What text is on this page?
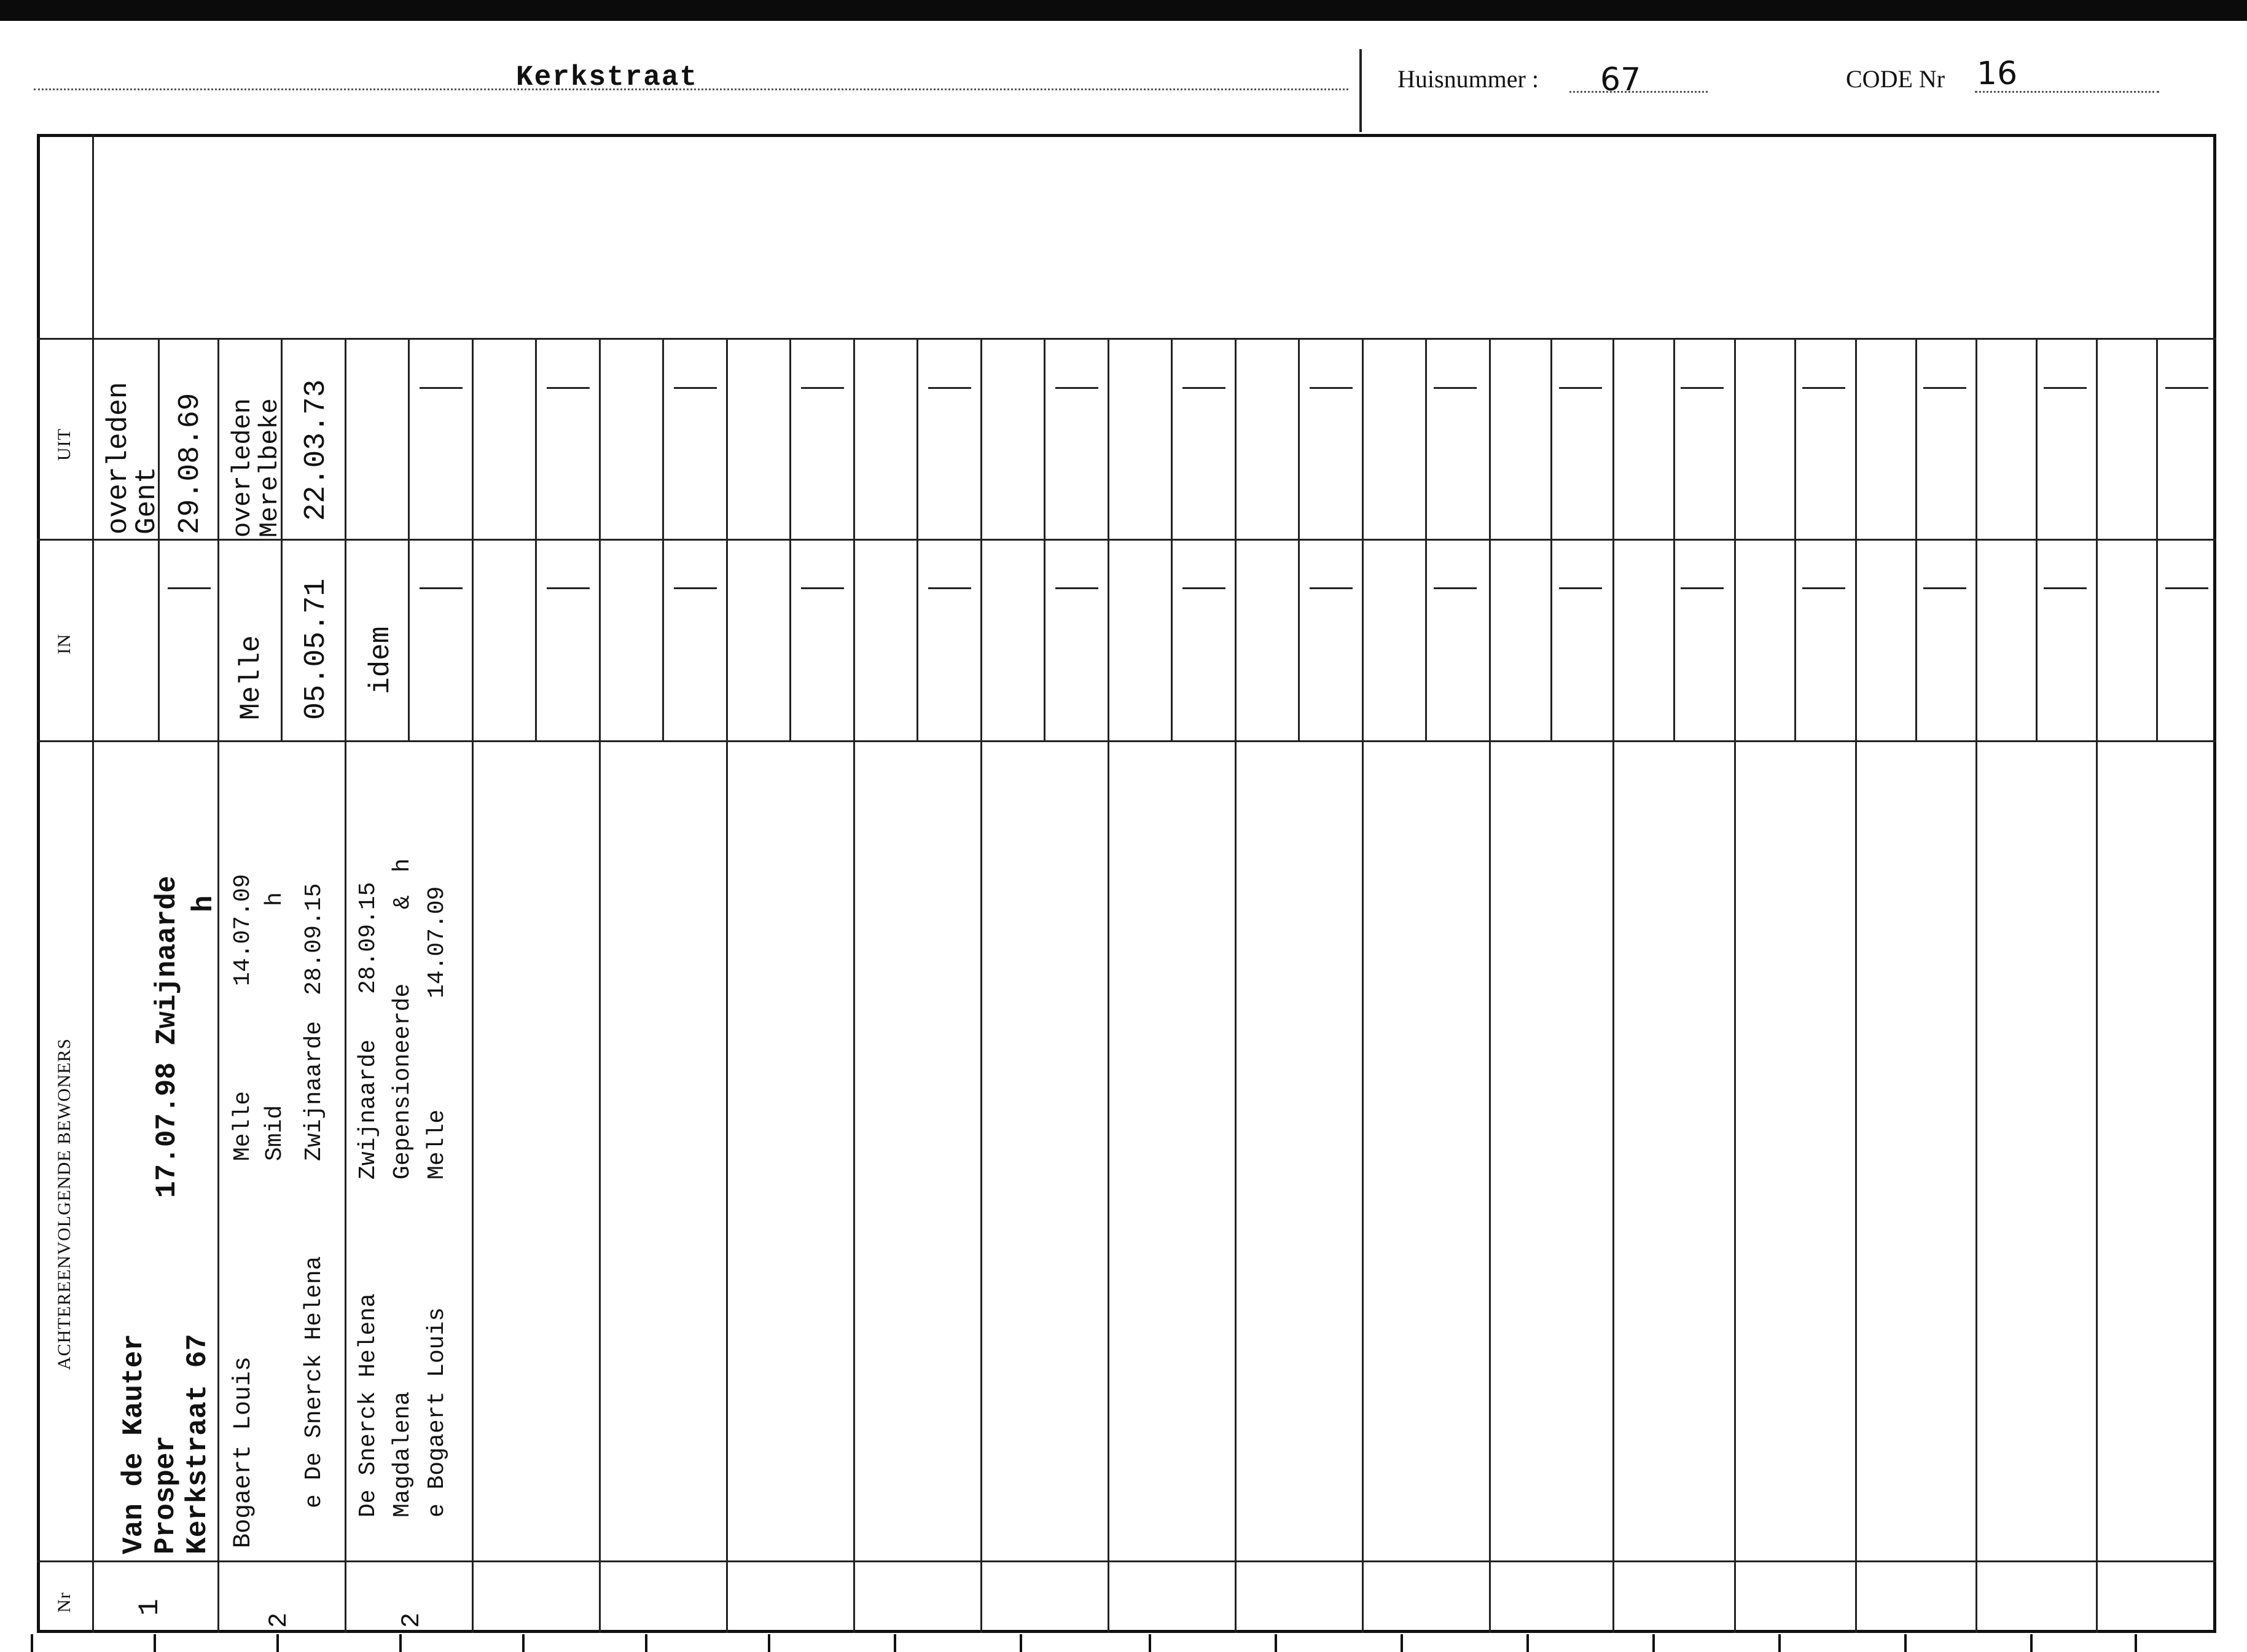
Kerkstraat	Huisnummer : 67	CODE Nr 16
UIT
IN
ACHTEREENVOLGENDE BEWONERS
Nr
overleden
Gent 29.08.69
Van de Kauter Prosper Kerkstraat 67
17.07.98 Zwijnaarde h
1
overleden
Merelbeke 22.03.73
Melle 05.05.71
Bogaert Louis
Melle
14.07.09
Smid
h
e De Snerck Helena
Zwijnaarde
28.09.15
2
idem
De Snerck Helena
Zwijnaarde
28.09.15
Magdalena
Gepensioneerde
&
h
e Bogaert Louis
Melle
14.07.09
2
